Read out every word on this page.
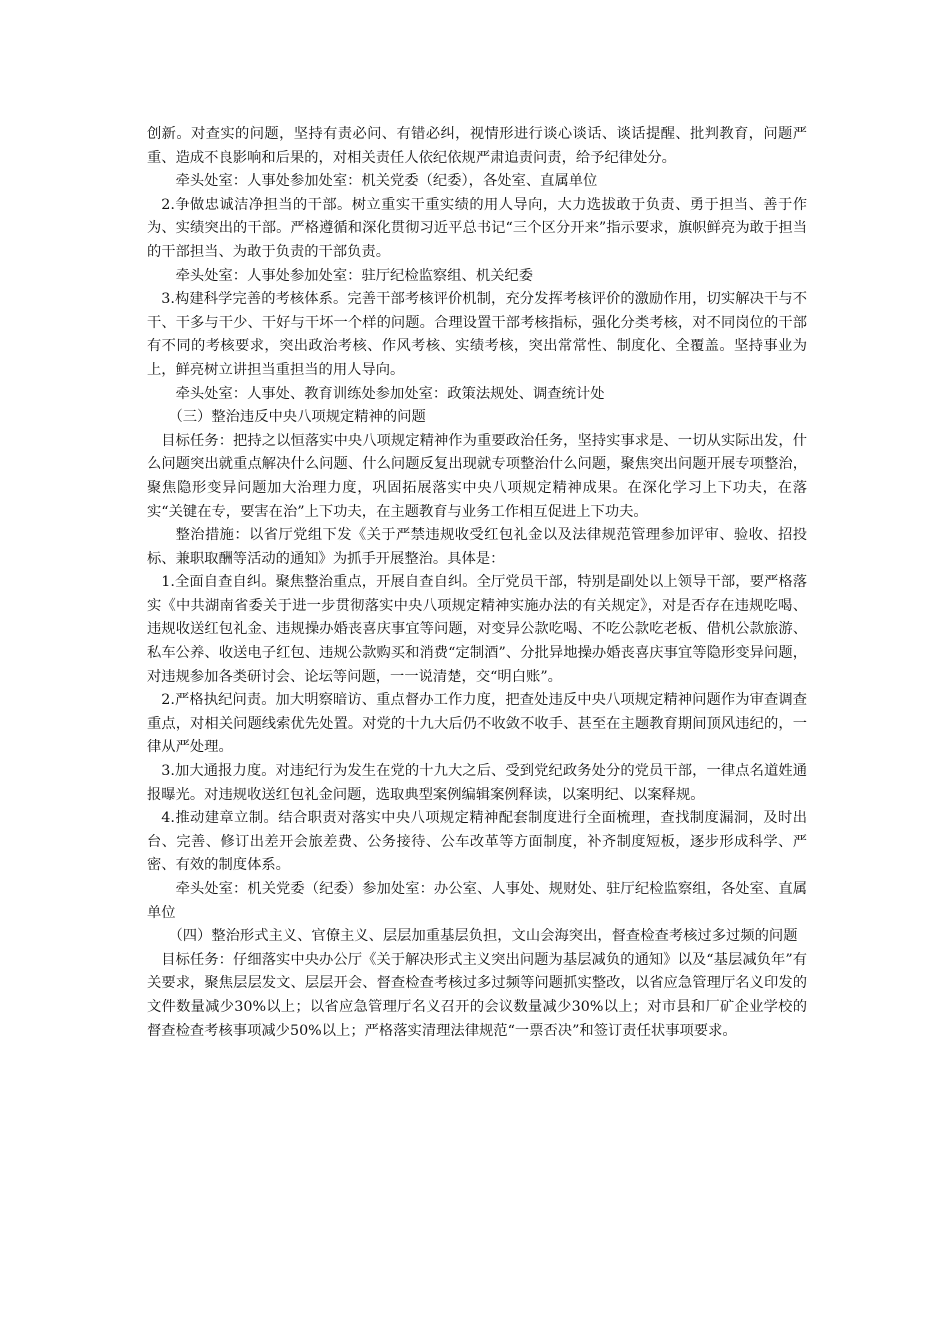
创新。对查实的问题，坚持有责必问、有错必纠，视情形进行谈心谈话、谈话提醒、批判教育，问题严重、造成不良影响和后果的，对相关责任人依纪依规严肃追责问责，给予纪律处分。

牵头处室：人事处参加处室：机关党委（纪委），各处室、直属单位

2.争做忠诚洁净担当的干部。树立重实干重实绩的用人导向，大力选拔敢于负责、勇于担当、善于作为、实绩突出的干部。严格遵循和深化贯彻习近平总书记“三个区分开来”指示要求，旗帜鲜亮为敢于担当的干部担当、为敢于负责的干部负责。

牵头处室：人事处参加处室：驻厅纪检监察组、机关纪委

3.构建科学完善的考核体系。完善干部考核评价机制，充分发挥考核评价的激励作用，切实解决干与不干、干多与干少、干好与干坏一个样的问题。合理设置干部考核指标，强化分类考核，对不同岗位的干部有不同的考核要求，突出政治考核、作风考核、实绩考核，突出常常性、制度化、全覆盖。坚持事业为上，鲜亮树立讲担当重担当的用人导向。

牵头处室：人事处、教育训练处参加处室：政策法规处、调查统计处

（三）整治违反中央八项规定精神的问题

目标任务：把持之以恒落实中央八项规定精神作为重要政治任务，坚持实事求是、一切从实际出发，什么问题突出就重点解决什么问题、什么问题反复出现就专项整治什么问题，聚焦突出问题开展专项整治，聚焦隐形变异问题加大治理力度，巩固拓展落实中央八项规定精神成果。在深化学习上下功夫，在落实“关键在专，要害在治”上下功夫，在主题教育与业务工作相互促进上下功夫。

整治措施：以省厅党组下发《关于严禁违规收受红包礼金以及法律规范管理参加评审、验收、招投标、兼职取酬等活动的通知》为抓手开展整治。具体是：

1.全面自查自纠。聚焦整治重点，开展自查自纠。全厅党员干部，特别是副处以上领导干部，要严格落实《中共湖南省委关于进一步贯彻落实中央八项规定精神实施办法的有关规定》，对是否存在违规吃喝、违规收送红包礼金、违规操办婚丧喜庆事宜等问题，对变异公款吃喝、不吃公款吃老板、借机公款旅游、私车公养、收送电子红包、违规公款购买和消费“定制酒”、分批异地操办婚丧喜庆事宜等隐形变异问题，对违规参加各类研讨会、论坛等问题，一一说清楚，交“明白账”。

2.严格执纪问责。加大明察暗访、重点督办工作力度，把查处违反中央八项规定精神问题作为审查调查重点，对相关问题线索优先处置。对党的十九大后仍不收敛不收手、甚至在主题教育期间顶风违纪的，一律从严处理。

3.加大通报力度。对违纪行为发生在党的十九大之后、受到党纪政务处分的党员干部，一律点名道姓通报曝光。对违规收送红包礼金问题，选取典型案例编辑案例释读，以案明纪、以案释规。

4.推动建章立制。结合职责对落实中央八项规定精神配套制度进行全面梳理，查找制度漏洞，及时出台、完善、修订出差开会旅差费、公务接待、公车改革等方面制度，补齐制度短板，逐步形成科学、严密、有效的制度体系。

牵头处室：机关党委（纪委）参加处室：办公室、人事处、规财处、驻厅纪检监察组，各处室、直属单位

（四）整治形式主义、官僚主义、层层加重基层负担，文山会海突出，督查检查考核过多过频的问题

目标任务：仔细落实中央办公厅《关于解决形式主义突出问题为基层减负的通知》以及“基层减负年”有关要求，聚焦层层发文、层层开会、督查检查考核过多过频等问题抓实整改，以省应急管理厅名义印发的文件数量减少30%以上；以省应急管理厅名义召开的会议数量减少30%以上；对市县和厂矿企业学校的督查检查考核事项减少50%以上；严格落实清理法律规范“一票否决”和签订责任状事项要求。
